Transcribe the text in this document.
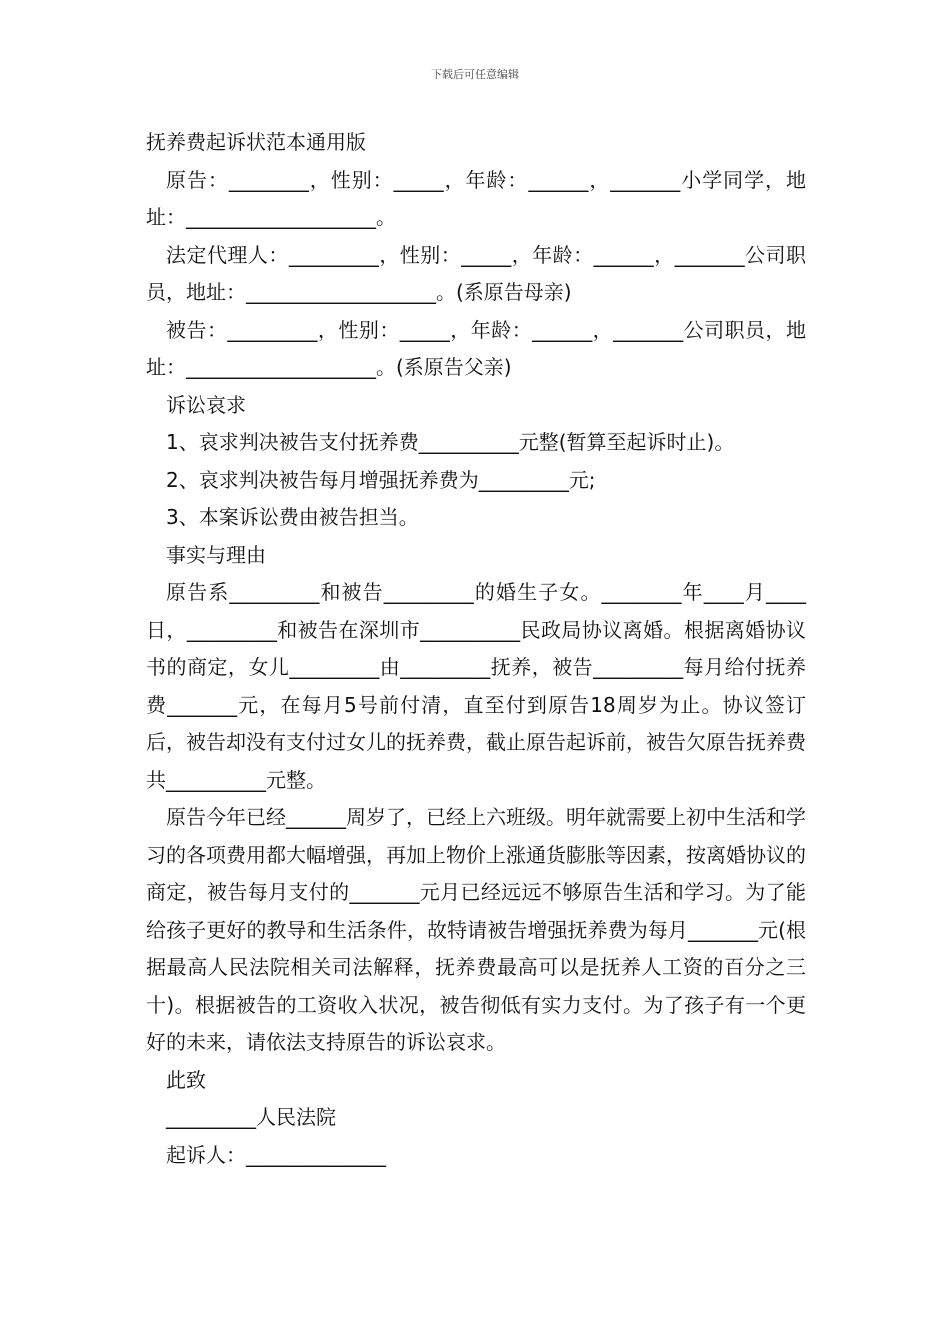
下载后可任意编辑

抚养费起诉状范本通用版

原告：________，性别：_____，年龄：______，_______小学同学，地址：___________________。

法定代理人：_________，性别：_____，年龄：______，_______公司职员，地址：___________________。(系原告母亲)

被告：_________，性别：_____，年龄：______，_______公司职员，地址：___________________。(系原告父亲)

诉讼哀求

1、哀求判决被告支付抚养费__________元整(暂算至起诉时止)。

2、哀求判决被告每月增强抚养费为_________元;

3、本案诉讼费由被告担当。

事实与理由

原告系_________和被告_________的婚生子女。________年____月____日，_________和被告在深圳市__________民政局协议离婚。根据离婚协议书的商定，女儿_________由_________抚养，被告_________每月给付抚养费_______元，在每月5号前付清，直至付到原告18周岁为止。协议签订后，被告却没有支付过女儿的抚养费，截止原告起诉前，被告欠原告抚养费共__________元整。

原告今年已经______周岁了，已经上六班级。明年就需要上初中生活和学习的各项费用都大幅增强，再加上物价上涨通货膨胀等因素，按离婚协议的商定，被告每月支付的_______元月已经远远不够原告生活和学习。为了能给孩子更好的教导和生活条件，故特请被告增强抚养费为每月_______元(根据最高人民法院相关司法解释，抚养费最高可以是抚养人工资的百分之三十)。根据被告的工资收入状况，被告彻低有实力支付。为了孩子有一个更好的未来，请依法支持原告的诉讼哀求。

此致

_________人民法院

起诉人：______________
